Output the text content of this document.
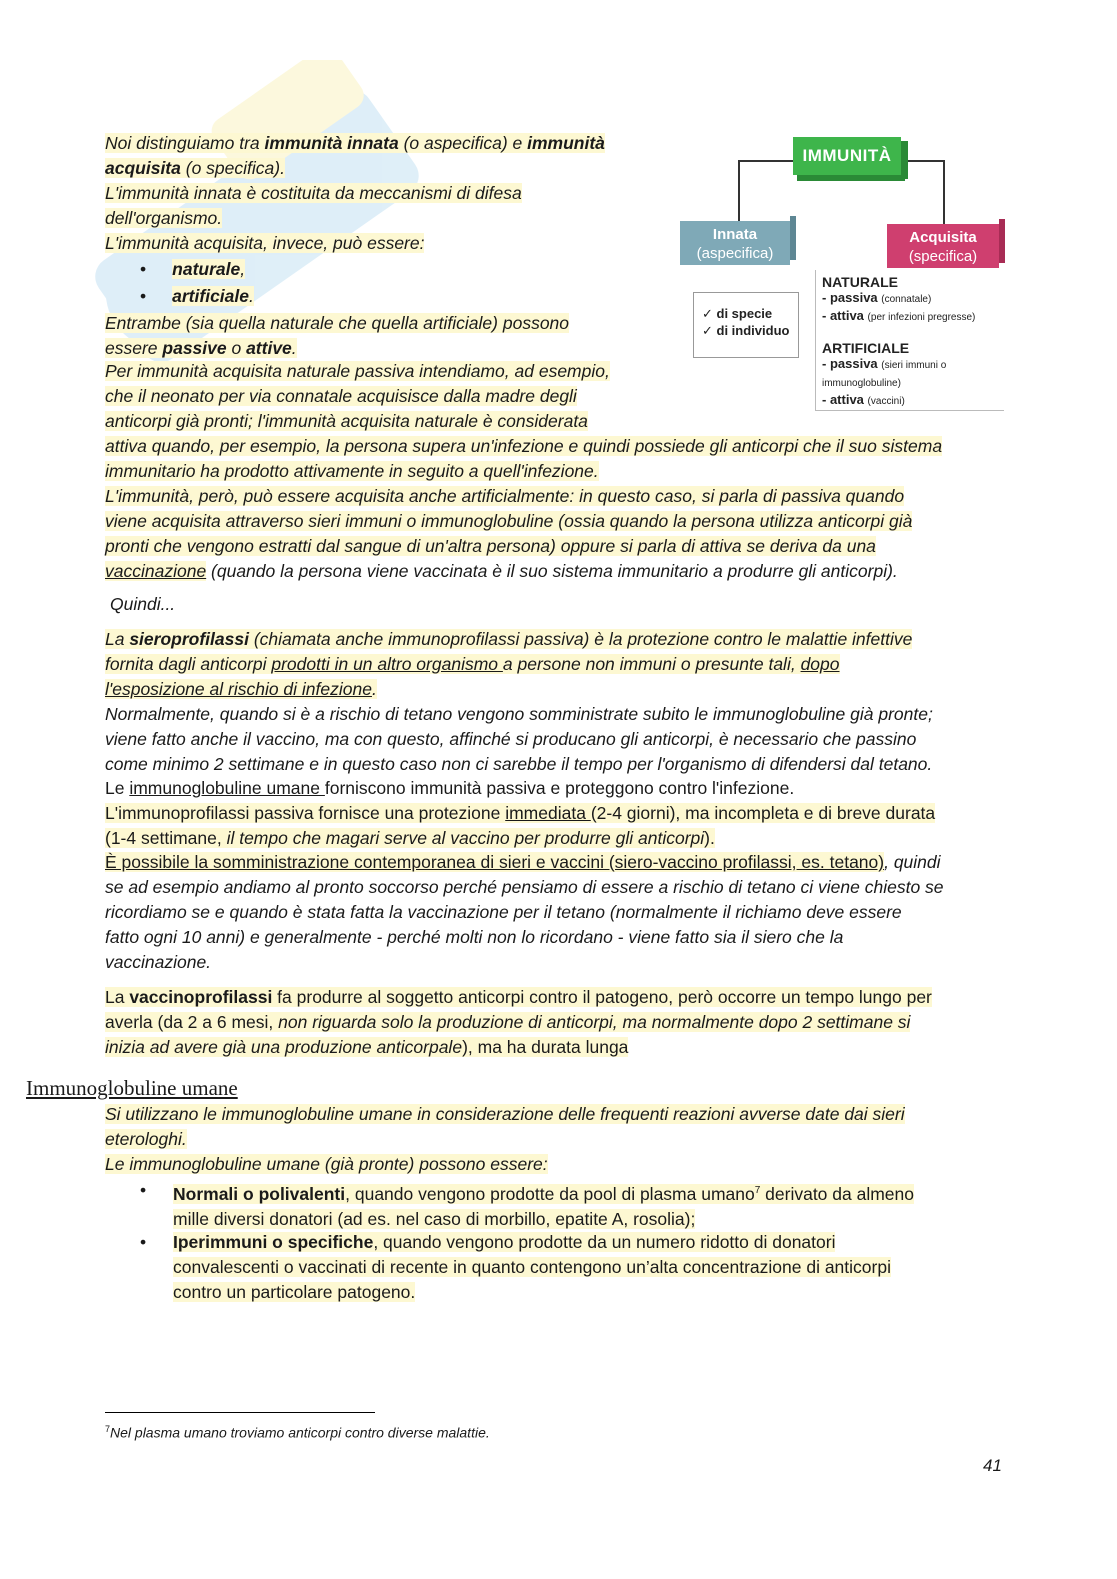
Noi distinguiamo tra immunità innata (o aspecifica) e immunità
acquisita (o specifica).
L'immunità innata è costituita da meccanismi di difesa
dell'organismo.
L'immunità acquisita, invece, può essere:
• naturale,
• artificiale.
Entrambe (sia quella naturale che quella artificiale) possono
essere passive o attive.
Per immunità acquisita naturale passiva intendiamo, ad esempio,
che il neonato per via connatale acquisisce dalla madre degli
anticorpi già pronti; l'immunità acquisita naturale è considerata
attiva quando, per esempio, la persona supera un'infezione e quindi possiede gli anticorpi che il suo sistema
immunitario ha prodotto attivamente in seguito a quell'infezione.
L'immunità, però, può essere acquisita anche artificialmente: in questo caso, si parla di passiva quando
viene acquisita attraverso sieri immuni o immunoglobuline (ossia quando la persona utilizza anticorpi già
pronti che vengono estratti dal sangue di un'altra persona) oppure si parla di attiva se deriva da una
vaccinazione (quando la persona viene vaccinata è il suo sistema immunitario a produrre gli anticorpi).
Quindi...
La sieroprofilassi (chiamata anche immunoprofilassi passiva) è la protezione contro le malattie infettive
fornita dagli anticorpi prodotti in un altro organismo a persone non immuni o presunte tali, dopo
l'esposizione al rischio di infezione.
Normalmente, quando si è a rischio di tetano vengono somministrate subito le immunoglobuline già pronte;
viene fatto anche il vaccino, ma con questo, affinché si producano gli anticorpi, è necessario che passino
come minimo 2 settimane e in questo caso non ci sarebbe il tempo per l'organismo di difendersi dal tetano.
Le immunoglobuline umane forniscono immunità passiva e proteggono contro l'infezione.
L'immunoprofilassi passiva fornisce una protezione immediata (2-4 giorni), ma incompleta e di breve durata
(1-4 settimane, il tempo che magari serve al vaccino per produrre gli anticorpi).
È possibile la somministrazione contemporanea di sieri e vaccini (siero-vaccino profilassi, es. tetano), quindi
se ad esempio andiamo al pronto soccorso perché pensiamo di essere a rischio di tetano ci viene chiesto se
ricordiamo se e quando è stata fatta la vaccinazione per il tetano (normalmente il richiamo deve essere
fatto ogni 10 anni) e generalmente - perché molti non lo ricordano - viene fatto sia il siero che la
vaccinazione.
La vaccinoprofilassi fa produrre al soggetto anticorpi contro il patogeno, però occorre un tempo lungo per
averla (da 2 a 6 mesi, non riguarda solo la produzione di anticorpi, ma normalmente dopo 2 settimane si
inizia ad avere già una produzione anticorpale), ma ha durata lunga
Immunoglobuline umane
Si utilizzano le immunoglobuline umane in considerazione delle frequenti reazioni avverse date dai sieri
eterologhi.
Le immunoglobuline umane (già pronte) possono essere:
• Normali o polivalenti, quando vengono prodotte da pool di plasma umano$^7$ derivato da almeno
mille diversi donatori (ad es. nel caso di morbillo, epatite A, rosolia);
• Iperimmuni o specifiche, quando vengono prodotte da un numero ridotto di donatori
convalescenti o vaccinati di recente in quanto contengono un’alta concentrazione di anticorpi
contro un particolare patogeno.
$^7$Nel plasma umano troviamo anticorpi contro diverse malattie.
41
IMMUNITÀ
Innata
(aspecifica)
Acquisita
(specifica)
✓ di specie
✓ di individuo
NATURALE
- passiva (connatale)
- attiva (per infezioni pregresse)
ARTIFICIALE
- passiva (sieri immuni o
immunoglobuline)
- attiva (vaccini)
